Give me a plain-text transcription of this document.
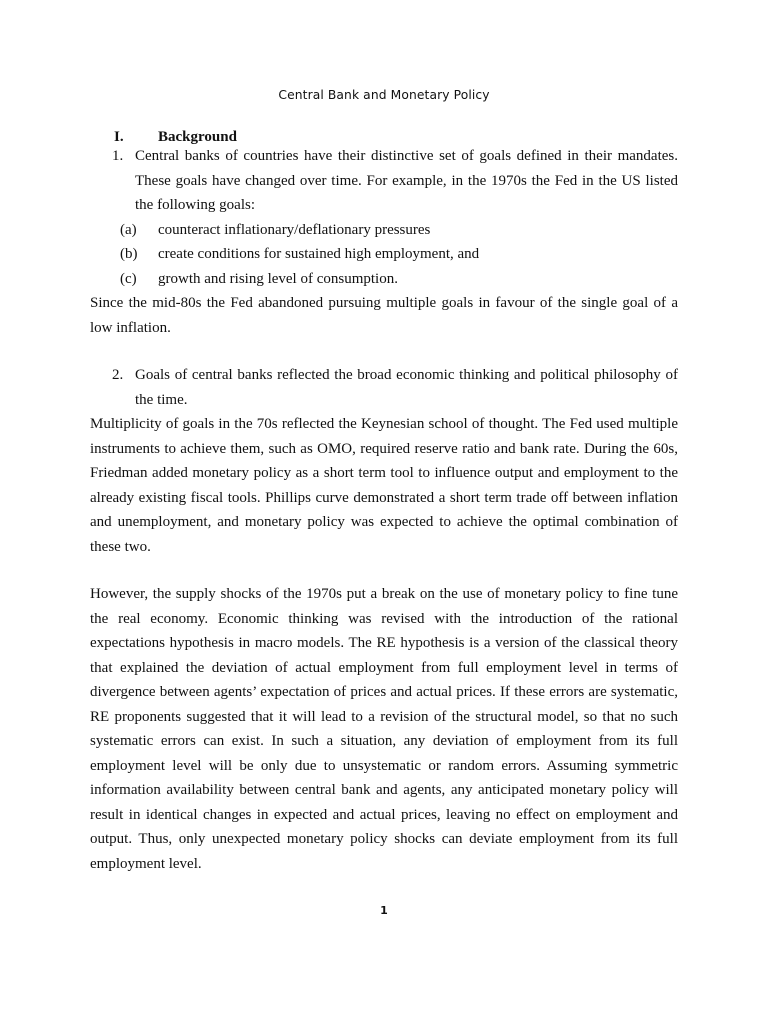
Central Bank and Monetary Policy
I. Background
1. Central banks of countries have their distinctive set of goals defined in their mandates. These goals have changed over time. For example, in the 1970s the Fed in the US listed the following goals:
(a) counteract inflationary/deflationary pressures
(b) create conditions for sustained high employment, and
(c) growth and rising level of consumption.
Since the mid-80s the Fed abandoned pursuing multiple goals in favour of the single goal of a low inflation.
2. Goals of central banks reflected the broad economic thinking and political philosophy of the time.
Multiplicity of goals in the 70s reflected the Keynesian school of thought. The Fed used multiple instruments to achieve them, such as OMO, required reserve ratio and bank rate. During the 60s, Friedman added monetary policy as a short term tool to influence output and employment to the already existing fiscal tools. Phillips curve demonstrated a short term trade off between inflation and unemployment, and monetary policy was expected to achieve the optimal combination of these two.
However, the supply shocks of the 1970s put a break on the use of monetary policy to fine tune the real economy. Economic thinking was revised with the introduction of the rational expectations hypothesis in macro models. The RE hypothesis is a version of the classical theory that explained the deviation of actual employment from full employment level in terms of divergence between agents’ expectation of prices and actual prices. If these errors are systematic, RE proponents suggested that it will lead to a revision of the structural model, so that no such systematic errors can exist. In such a situation, any deviation of employment from its full employment level will be only due to unsystematic or random errors. Assuming symmetric information availability between central bank and agents, any anticipated monetary policy will result in identical changes in expected and actual prices, leaving no effect on employment and output. Thus, only unexpected monetary policy shocks can deviate employment from its full employment level.
1
